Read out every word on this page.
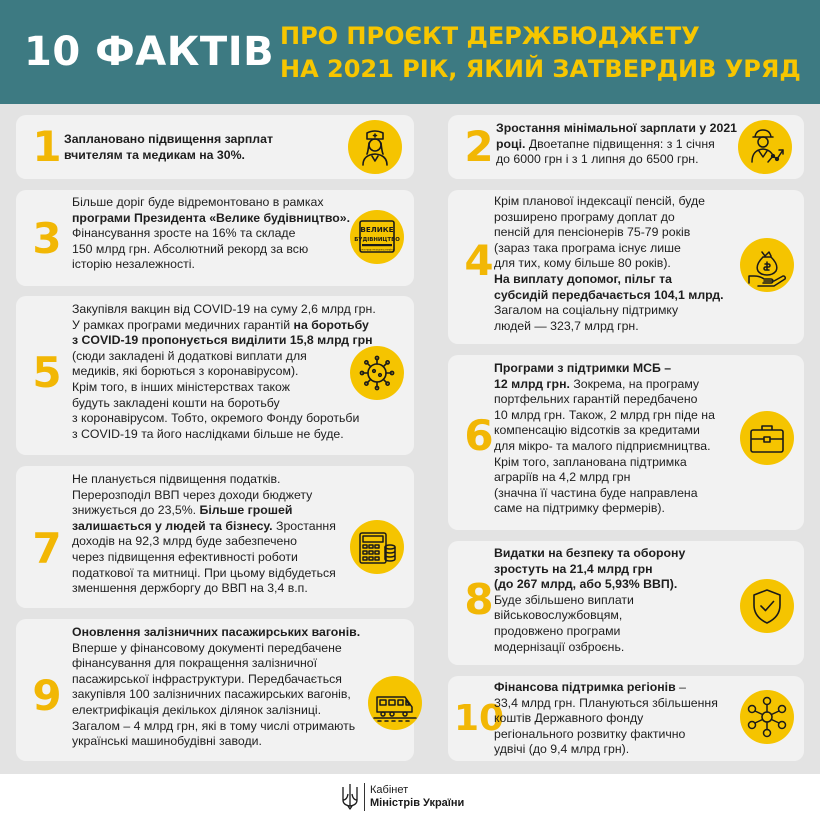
10 ФАКТІВ ПРО ПРОЄКТ ДЕРЖБЮДЖЕТУ
НА 2021 РІК, ЯКИЙ ЗАТВЕРДИВ УРЯД
1 Заплановано підвищення зарплат
вчителям та медикам на 30%.
3
Більше доріг буде відремонтовано в рамках
програми Президента «Велике будівництво».
Фінансування зросте на 16% та складе
150 млрд грн. Абсолютний рекорд за всю
історію незалежності.
ВЕЛИКЕ
БУДІВНИЦТВО
ПРОГРАМА ПРЕЗИДЕНТА УКРАЇНИ
5
Закупівля вакцин від COVID-19 на суму 2,6 млрд грн.
У рамках програми медичних гарантій на боротьбу
з COVID-19 пропонується виділити 15,8 млрд грн
(сюди закладені й додаткові виплати для
медиків, які борються з коронавірусом).
Крім того, в інших міністерствах також
будуть закладені кошти на боротьбу
з коронавірусом. Тобто, окремого Фонду боротьби
з COVID-19 та його наслідками більше не буде.
7
Не планується підвищення податків.
Перерозподіл ВВП через доходи бюджету
знижується до 23,5%. Більше грошей
залишається у людей та бізнесу. Зростання
доходів на 92,3 млрд буде забезпечено
через підвищення ефективності роботи
податкової та митниці. При цьому відбудеться
зменшення держборгу до ВВП на 3,4 в.п.
9
Оновлення залізничних пасажирських вагонів.
Вперше у фінансовому документі передбачене
фінансування для покращення залізничної
пасажирської інфраструктури. Передбачається
закупівля 100 залізничних пасажирських вагонів,
електрифікація декількох ділянок залізниці.
Загалом – 4 млрд грн, які в тому числі отримають
українські машинобудівні заводи.
2 Зростання мінімальної зарплати у 2021
році. Двоетапне підвищення: з 1 січня
до 6000 грн і з 1 липня до 6500 грн.
4
Крім планової індексації пенсій, буде
розширено програму доплат до
пенсій для пенсіонерів 75-79 років
(зараз така програма існує лише
для тих, кому більше 80 років).
На виплату допомог, пільг та
субсидій передбачається 104,1 млрд.
Загалом на соціальну підтримку
людей — 323,7 млрд грн.
6
Програми з підтримки МСБ –
12 млрд грн. Зокрема, на програму
портфельних гарантій передбачено
10 млрд грн. Також, 2 млрд грн піде на
компенсацію відсотків за кредитами
для мікро- та малого підприємництва.
Крім того, запланована підтримка
аграріїв на 4,2 млрд грн
(значна її частина буде направлена
саме на підтримку фермерів).
8
Видатки на безпеку та оборону
зростуть на 21,4 млрд грн
(до 267 млрд, або 5,93% ВВП).
Буде збільшено виплати
військовослужбовцям,
продовжено програми
модернізації озброєнь.
10
Фінансова підтримка регіонів –
33,4 млрд грн. Плануються збільшення
коштів Державного фонду
регіонального розвитку фактично
удвічі (до 9,4 млрд грн).
Кабінет
Міністрів України
